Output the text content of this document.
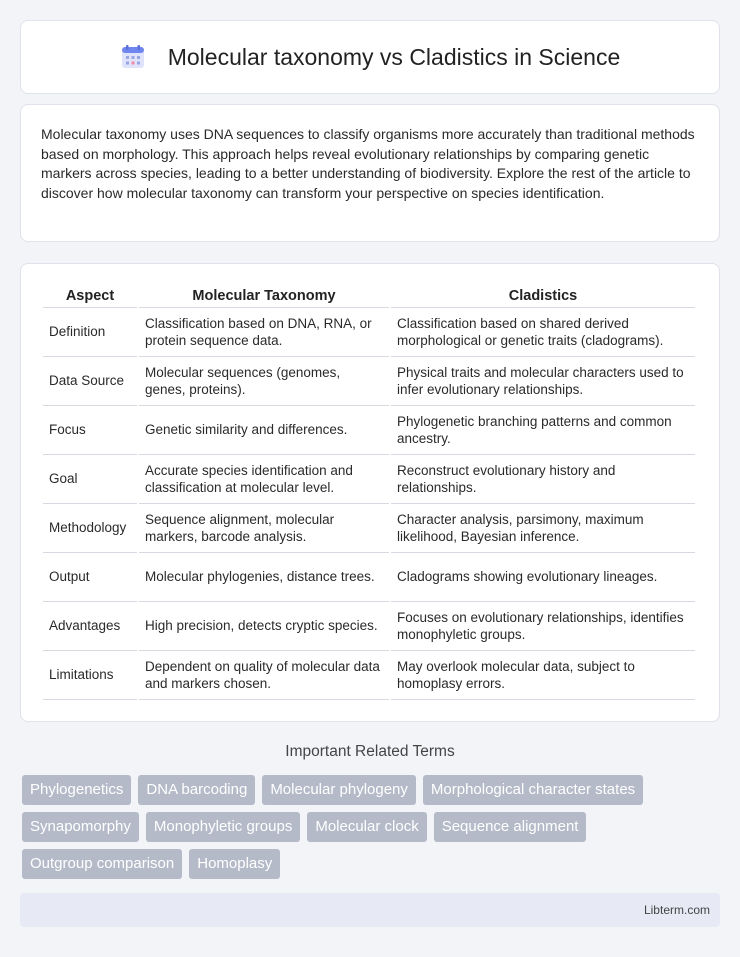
Molecular taxonomy vs Cladistics in Science

Molecular taxonomy uses DNA sequences to classify organisms more accurately than traditional methods based on morphology. This approach helps reveal evolutionary relationships by comparing genetic markers across species, leading to a better understanding of biodiversity. Explore the rest of the article to discover how molecular taxonomy can transform your perspective on species identification.

Aspect	Molecular Taxonomy	Cladistics
Definition	Classification based on DNA, RNA, or protein sequence data.	Classification based on shared derived morphological or genetic traits (cladograms).
Data Source	Molecular sequences (genomes, genes, proteins).	Physical traits and molecular characters used to infer evolutionary relationships.
Focus	Genetic similarity and differences.	Phylogenetic branching patterns and common ancestry.
Goal	Accurate species identification and classification at molecular level.	Reconstruct evolutionary history and relationships.
Methodology	Sequence alignment, molecular markers, barcode analysis.	Character analysis, parsimony, maximum likelihood, Bayesian inference.
Output	Molecular phylogenies, distance trees.	Cladograms showing evolutionary lineages.
Advantages	High precision, detects cryptic species.	Focuses on evolutionary relationships, identifies monophyletic groups.
Limitations	Dependent on quality of molecular data and markers chosen.	May overlook molecular data, subject to homoplasy errors.
Important Related Terms
Phylogenetics	DNA barcoding	Molecular phylogeny	Morphological character states
Synapomorphy	Monophyletic groups	Molecular clock	Sequence alignment
Outgroup comparison	Homoplasy
Libterm.com
